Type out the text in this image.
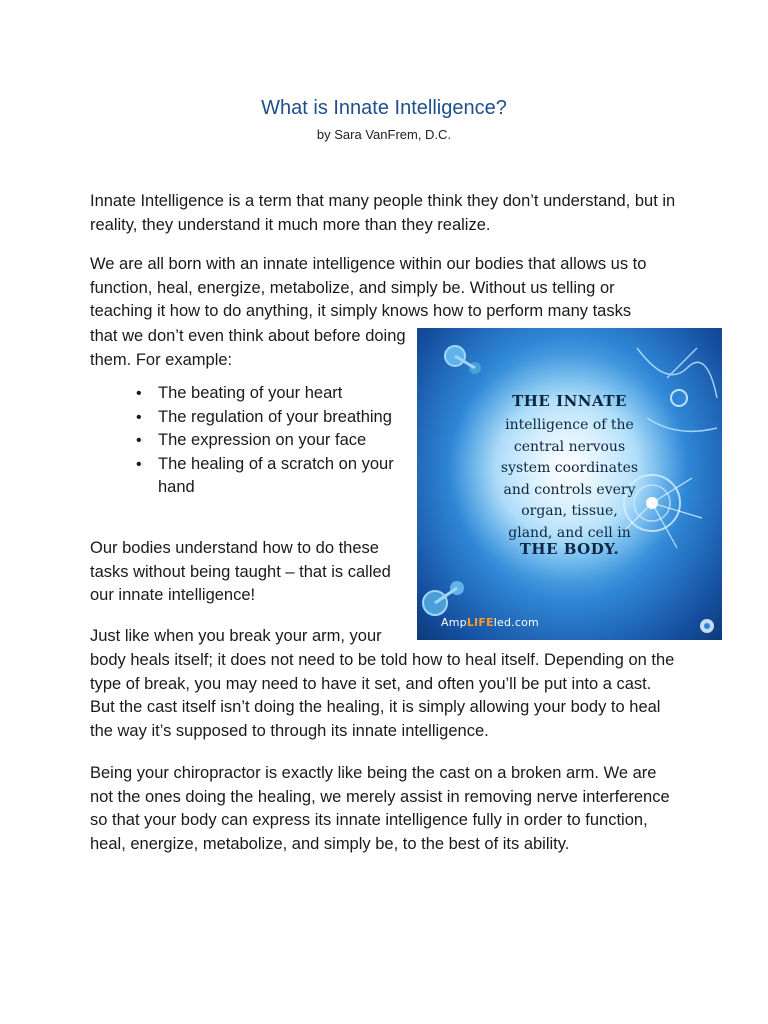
What is Innate Intelligence?
by Sara VanFrem, D.C.
Innate Intelligence is a term that many people think they don’t understand, but in reality, they understand it much more than they realize.
We are all born with an innate intelligence within our bodies that allows us to function, heal, energize, metabolize, and simply be. Without us telling or teaching it how to do anything, it simply knows how to perform many tasks
that we don’t even think about before doing them. For example:
• The beating of your heart
• The regulation of your breathing
• The expression on your face
• The healing of a scratch on your hand
Our bodies understand how to do these tasks without being taught – that is called our innate intelligence!
Just like when you break your arm, your
body heals itself; it does not need to be told how to heal itself. Depending on the type of break, you may need to have it set, and often you’ll be put into a cast. But the cast itself isn’t doing the healing, it is simply allowing your body to heal the way it’s supposed to through its innate intelligence.
Being your chiropractor is exactly like being the cast on a broken arm. We are not the ones doing the healing, we merely assist in removing nerve interference so that your body can express its innate intelligence fully in order to function, heal, energize, metabolize, and simply be, to the best of its ability.
THE INNATE
intelligence of the
central nervous
system coordinates
and controls every
organ, tissue,
gland, and cell in
THE BODY.
AmpLIFEled.com
